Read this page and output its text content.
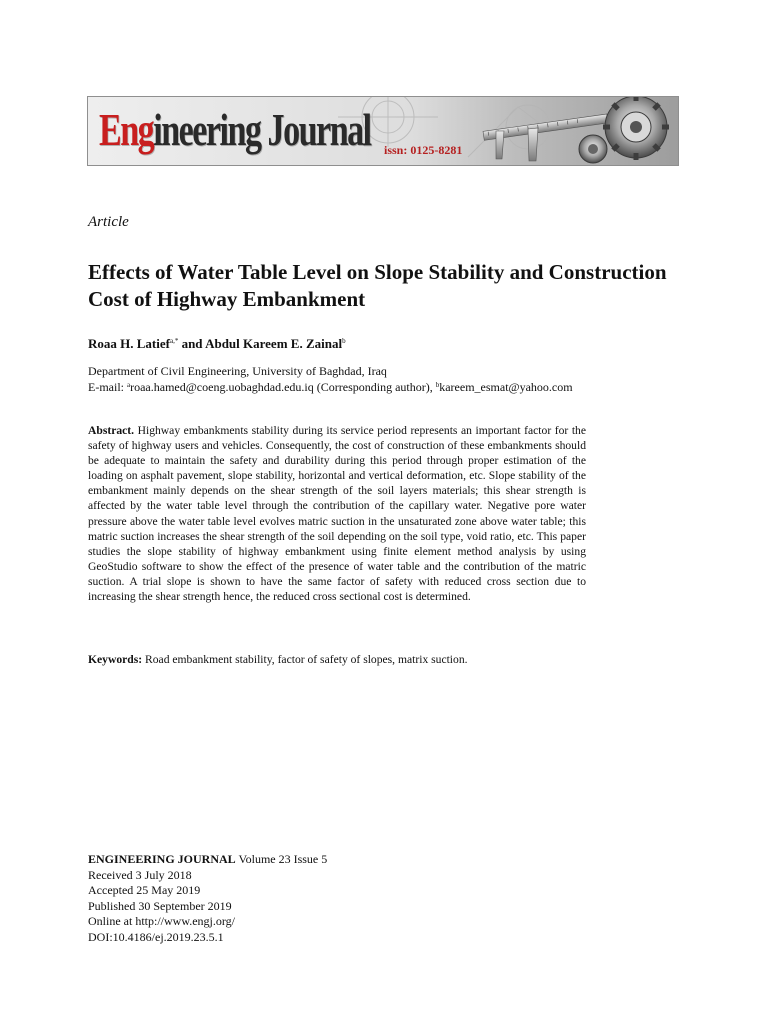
Engineering Journal issn: 0125-8281
Article
Effects of Water Table Level on Slope Stability and Construction Cost of Highway Embankment
Roaa H. Latief$^{a,*}$ and Abdul Kareem E. Zainal$^b$
Department of Civil Engineering, University of Baghdad, Iraq
E-mail: $^a$roaa.hamed@coeng.uobaghdad.edu.iq (Corresponding author), $^b$kareem_esmat@yahoo.com

Abstract. Highway embankments stability during its service period represents an important factor for the safety of highway users and vehicles. Consequently, the cost of construction of these embankments should be adequate to maintain the safety and durability during this period through proper estimation of the loading on asphalt pavement, slope stability, horizontal and vertical deformation, etc. Slope stability of the embankment mainly depends on the shear strength of the soil layers materials; this shear strength is affected by the water table level through the contribution of the capillary water. Negative pore water pressure above the water table level evolves matric suction in the unsaturated zone above water table; this matric suction increases the shear strength of the soil depending on the soil type, void ratio, etc. This paper studies the slope stability of highway embankment using finite element method analysis by using GeoStudio software to show the effect of the presence of water table and the contribution of the matric suction. A trial slope is shown to have the same factor of safety with reduced cross section due to increasing the shear strength hence, the reduced cross sectional cost is determined.

Keywords: Road embankment stability, factor of safety of slopes, matrix suction.

ENGINEERING JOURNAL Volume 23 Issue 5
Received 3 July 2018
Accepted 25 May 2019
Published 30 September 2019
Online at http://www.engj.org/
DOI:10.4186/ej.2019.23.5.1
